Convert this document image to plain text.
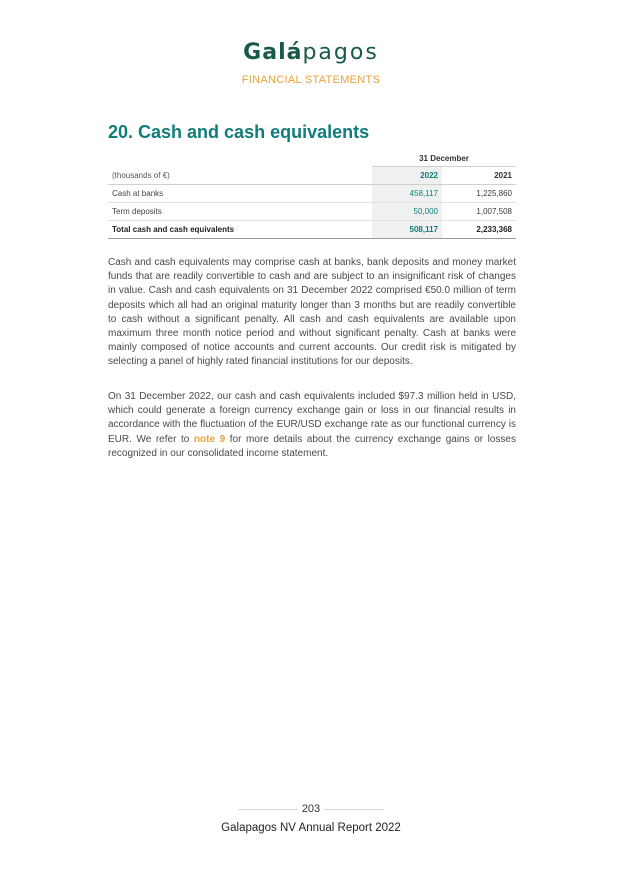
Galápagos
FINANCIAL STATEMENTS
20. Cash and cash equivalents
	31 December	
(thousands of €)	2022	2021
Cash at banks	458,117	1,225,860
Term deposits	50,000	1,007,508
Total cash and cash equivalents	508,117	2,233,368

Cash and cash equivalents may comprise cash at banks, bank deposits and money market funds that are readily convertible to cash and are subject to an insignificant risk of changes in value. Cash and cash equivalents on 31 December 2022 comprised €50.0 million of term deposits which all had an original maturity longer than 3 months but are readily convertible to cash without a significant penalty. All cash and cash equivalents are available upon maximum three month notice period and without significant penalty. Cash at banks were mainly composed of notice accounts and current accounts. Our credit risk is mitigated by selecting a panel of highly rated financial institutions for our deposits.

On 31 December 2022, our cash and cash equivalents included $97.3 million held in USD, which could generate a foreign currency exchange gain or loss in our financial results in accordance with the fluctuation of the EUR/USD exchange rate as our functional currency is EUR. We refer to note 9 for more details about the currency exchange gains or losses recognized in our consolidated income statement.

203
Galapagos NV Annual Report 2022
